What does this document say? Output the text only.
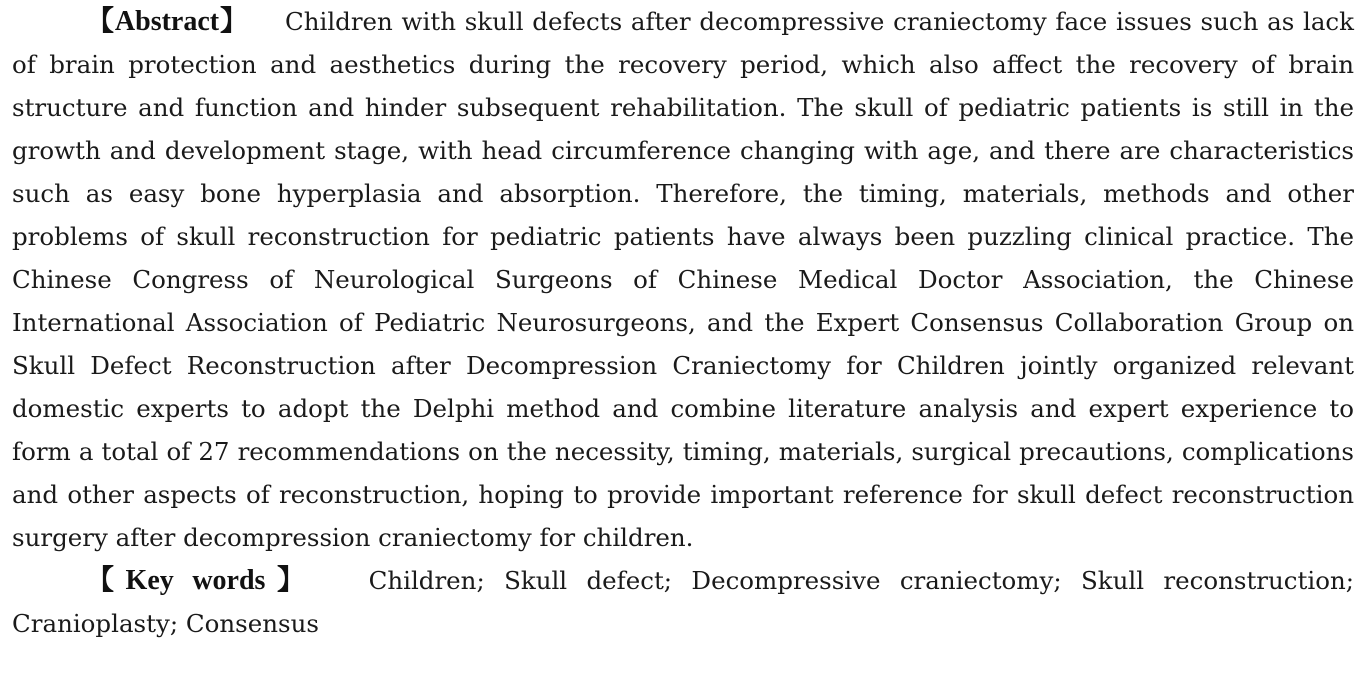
【Abstract】 Children with skull defects after decompressive craniectomy face issues such as lack of brain protection and aesthetics during the recovery period, which also affect the recovery of brain structure and function and hinder subsequent rehabilitation. The skull of pediatric patients is still in the growth and development stage, with head circumference changing with age, and there are characteristics such as easy bone hyperplasia and absorption. Therefore, the timing, materials, methods and other problems of skull reconstruction for pediatric patients have always been puzzling clinical practice. The Chinese Congress of Neurological Surgeons of Chinese Medical Doctor Association, the Chinese International Association of Pediatric Neurosurgeons, and the Expert Consensus Collaboration Group on Skull Defect Reconstruction after Decompression Craniectomy for Children jointly organized relevant domestic experts to adopt the Delphi method and combine literature analysis and expert experience to form a total of 27 recommendations on the necessity, timing, materials, surgical precautions, complications and other aspects of reconstruction, hoping to provide important reference for skull defect reconstruction surgery after decompression craniectomy for children.

【Key words】 Children; Skull defect; Decompressive craniectomy; Skull reconstruction; Cranioplasty; Consensus
